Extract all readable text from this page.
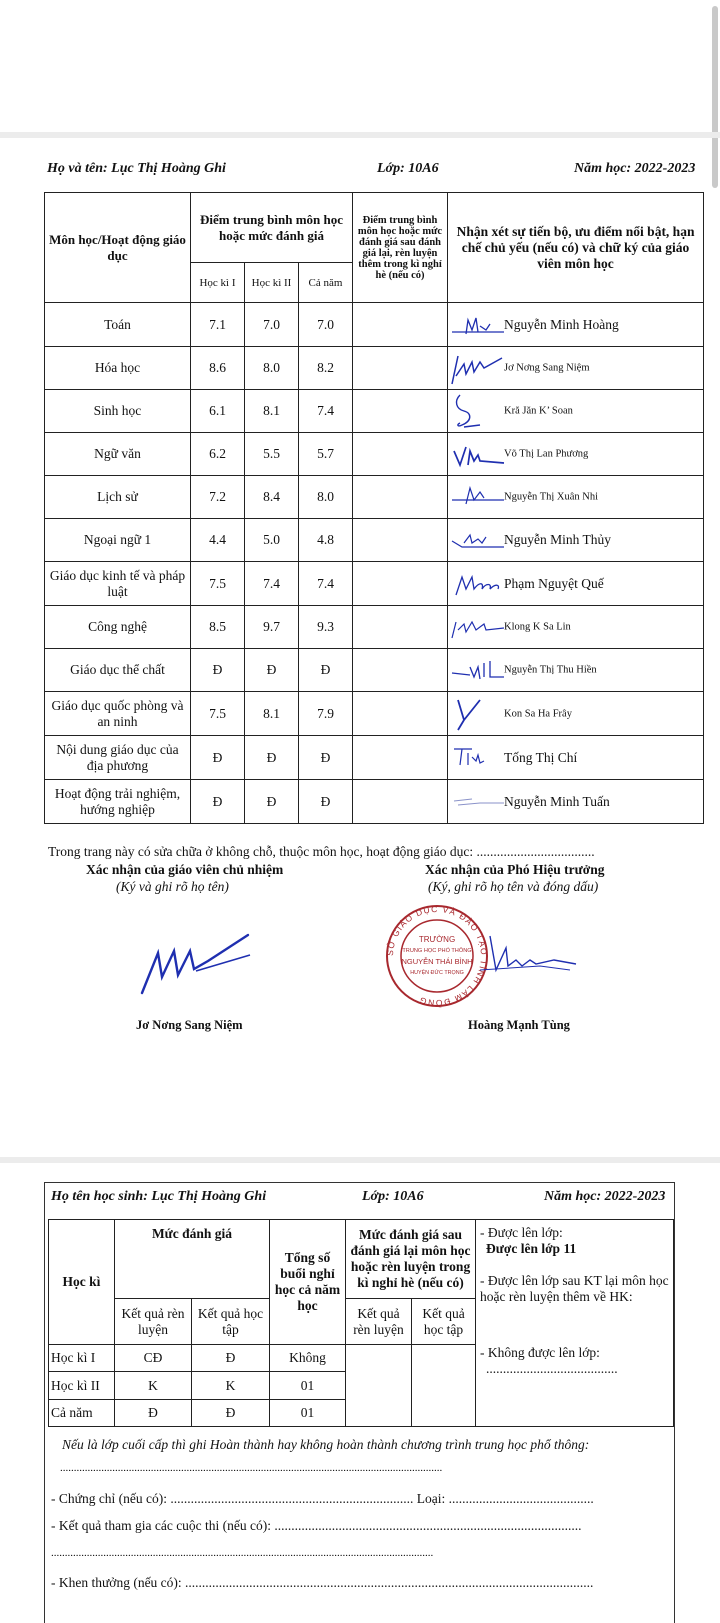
Họ và tên: Lục Thị Hoàng Ghi	Lớp: 10A6	Năm học: 2022-2023
Môn học/Hoạt động giáo dục	Điểm trung bình môn học hoặc mức đánh giá			Điểm trung bình môn học hoặc mức đánh giá sau đánh giá lại, rèn luyện thêm trong kì nghỉ hè (nếu có)	Nhận xét sự tiến bộ, ưu điểm nổi bật, hạn chế chủ yếu (nếu có) và chữ ký của giáo viên môn học
	Học kì I	Học kì II	Cả năm		
Toán	7.1	7.0	7.0		Nguyễn Minh Hoàng

Hóa học	8.6	8.0	8.2		Jơ Nơng Sang Niệm

Sinh học	6.1	8.1	7.4		Kră Jăn K’ Soan

Ngữ văn	6.2	5.5	5.7		Võ Thị Lan Phương

Lịch sử	7.2	8.4	8.0		Nguyễn Thị Xuân Nhi

Ngoại ngữ 1	4.4	5.0	4.8		Nguyễn Minh Thủy

Giáo dục kinh tế và pháp luật	7.5	7.4	7.4		Phạm Nguyệt Quế

Công nghệ	8.5	9.7	9.3		Klong K Sa Lin

Giáo dục thể chất	Đ	Đ	Đ		Nguyễn Thị Thu Hiền

Giáo dục quốc phòng và an ninh	7.5	8.1	7.9		Kon Sa Ha Frây

Nội dung giáo dục của địa phương	Đ	Đ	Đ		Tống Thị Chí

Hoạt động trải nghiệm, hướng nghiệp	Đ	Đ	Đ		Nguyễn Minh Tuấn
Trong trang này có sửa chữa ở không chỗ, thuộc môn học, hoạt động giáo dục: ...................................
Xác nhận của giáo viên chủ nhiệm
(Ký và ghi rõ họ tên)
Xác nhận của Phó Hiệu trưởng
(Ký, ghi rõ họ tên và đóng dấu)
SỞ GIÁO DỤC VÀ ĐÀO TẠO TỈNH LÂM ĐỒNG
TRƯỜNG
TRUNG HỌC PHỔ THÔNG
NGUYỄN THÁI BÌNH
HUYỆN ĐỨC TRỌNG
Jơ Nơng Sang Niệm	Hoàng Mạnh Tùng
Họ tên học sinh: Lục Thị Hoàng Ghi	Lớp: 10A6	Năm học: 2022-2023
Học kì	Mức đánh giá		Tổng số buổi nghỉ học cả năm học	Mức đánh giá sau đánh giá lại môn học hoặc rèn luyện trong kì nghỉ hè (nếu có)		- Được lên lớp:
Được lên lớp 11
- Được lên lớp sau KT lại môn học hoặc rèn luyện thêm về HK:
- Không được lên lớp:
.......................................

	Kết quả rèn luyện	Kết quả học tập		Kết quả rèn luyện	Kết quả học tập	
Học kì I	CĐ	Đ	Không			
Học kì II	K	K	01			
Cả năm	Đ	Đ	01			
Nếu là lớp cuối cấp thì ghi Hoàn thành hay không hoàn thành chương trình trung học phổ thông:
...........................................................................................................................................
- Chứng chỉ (nếu có): ........................................................................ Loại: ...........................................
- Kết quả tham gia các cuộc thi (nếu có): ...........................................................................................
...........................................................................................................................................
- Khen thưởng (nếu có): .........................................................................................................................
